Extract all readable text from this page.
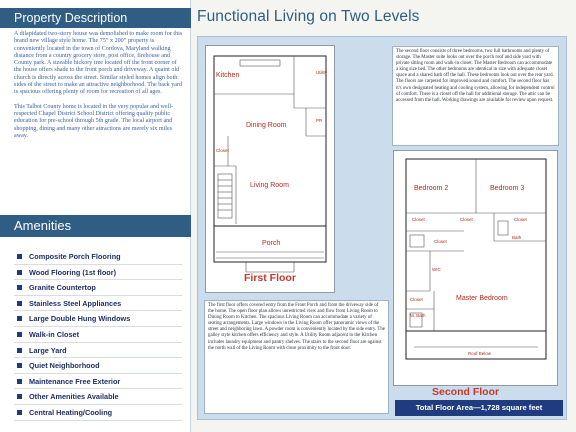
Property Description

A dilapidated two-story house was demolished to make room for this brand new village style home. The 75” x 200” property is conveniently located in the town of Cordova, Maryland walking distance from a country grocery store, post office, firehouse and County park. A sizeable hickory tree located off the front corner of the house offers shade to the front porch and driveway. A quaint old church is directly across the street. Similar styled homes align both sides of the street to make an attractive neighborhood. The back yard is spacious offering plenty of room for recreation of all ages.

This Talbot County home is located in the very popular and well-respected Chapel District School District offering quality public education for pre-school through 5th grade. The local airport and shopping, dining and many other attractions are merely six miles away.

Amenities
Composite Porch Flooring
Wood Flooring (1st floor)
Granite Countertop
Stainless Steel Appliances
Large Double Hung Windows
Walk-in Closet
Large Yard
Quiet Neighborhood
Maintenance Free Exterior
Other Amenities Available
Central Heating/Cooling
Functional Living on Two Levels
Kitchen	Utility
Dining Room
Closet
PR
Living Room
Porch
First Floor
The second floor consists of three bedrooms, two full bathrooms and plenty of storage. The Master suite looks out over the porch roof and side yard with private sitting room and walk-in closet. The Master Bedroom can accommodate a king size bed. The other bedrooms are identical in size with adequate closet space and a shared bath off the hall. These bedrooms look out over the rear yard. The floors are carpeted for improved sound and comfort. The second floor has it's own designated heating and cooling system, allowing for independent control of comfort. There is a closet off the hall for additional storage. The attic can be accessed from the hall. Working drawings are available for review upon request.
Bedroom 2	Bedroom 3
Closet	Closet	Closet
Bath
Closet
WIC
Closet	Master Bedroom
M. Bath
Roof Below
Second Floor
The first floor offers covered entry from the Front Porch and from the driveway side of the home. The open floor plan allows unrestricted view and flow from Living Room to Dining Room to Kitchen. The spacious Living Room can accommodate a variety of seating arrangements. Large windows in the Living Room offer panoramic views of the street and neighboring lawn. A powder room is conveniently located by the side entry. The galley style kitchen offers efficiency and style. A Utility Room adjacent to the Kitchen includes laundry equipment and pantry shelves. The stairs to the second floor are against the north wall of the Living Room with close proximity to the front door.
Total Floor Area—1,728 square feet
